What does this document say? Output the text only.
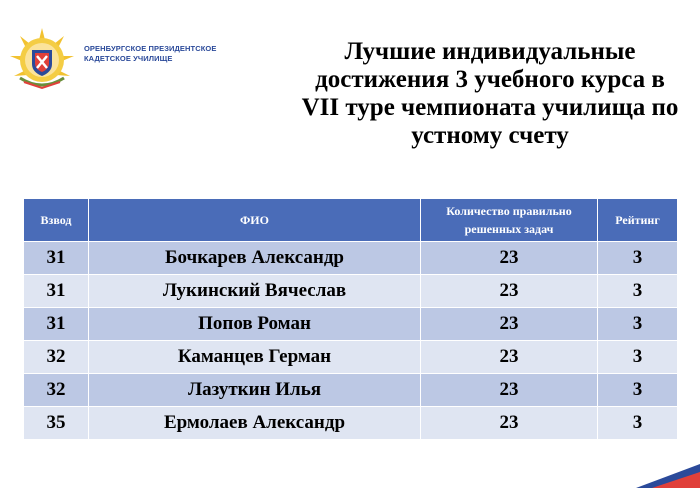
ОРЕНБУРГСКОЕ ПРЕЗИДЕНТСКОЕ
КАДЕТСКОЕ УЧИЛИЩЕ	Лучшие индивидуальные
достижения 3 учебного курса в
VII туре чемпионата училища по
устному счету
Взвод	ФИО	Количество правильно
решенных задач	Рейтинг
31	Бочкарев Александр	23	3
31	Лукинский Вячеслав	23	3
31	Попов Роман	23	3
32	Каманцев Герман	23	3
32	Лазуткин Илья	23	3
35	Ермолаев Александр	23	3
